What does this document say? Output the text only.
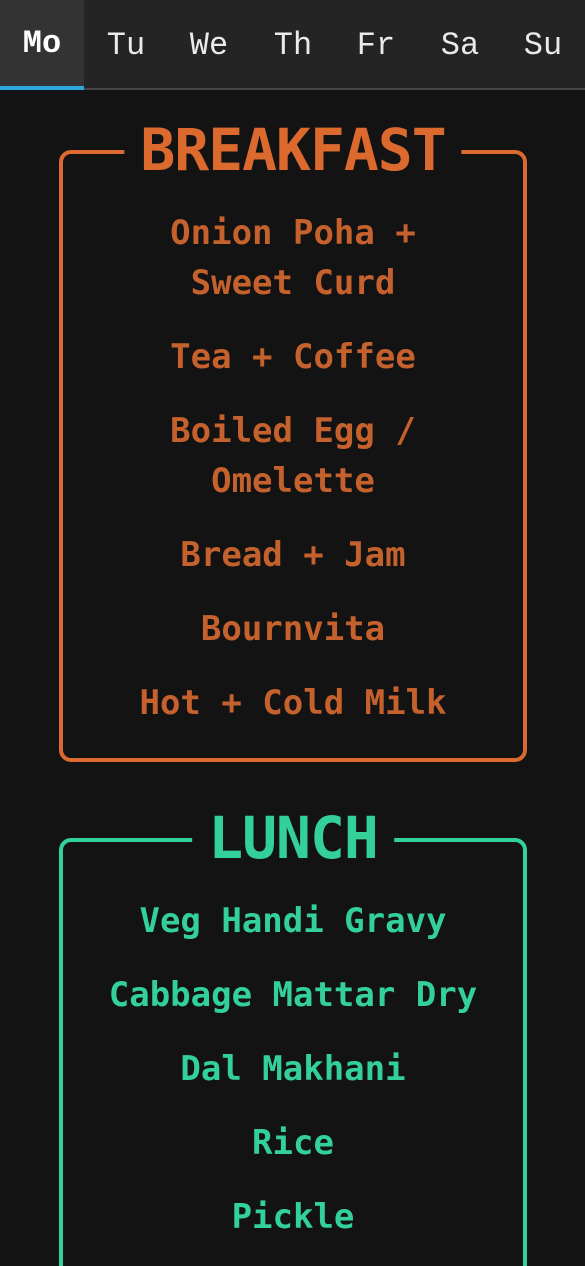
Mo	Tu	We	Th	Fr	Sa	Su
BREAKFAST
Onion Poha + Sweet Curd
Tea + Coffee
Boiled Egg / Omelette
Bread + Jam
Bournvita
Hot + Cold Milk
LUNCH
Veg Handi Gravy
Cabbage Mattar Dry
Dal Makhani
Rice
Pickle
